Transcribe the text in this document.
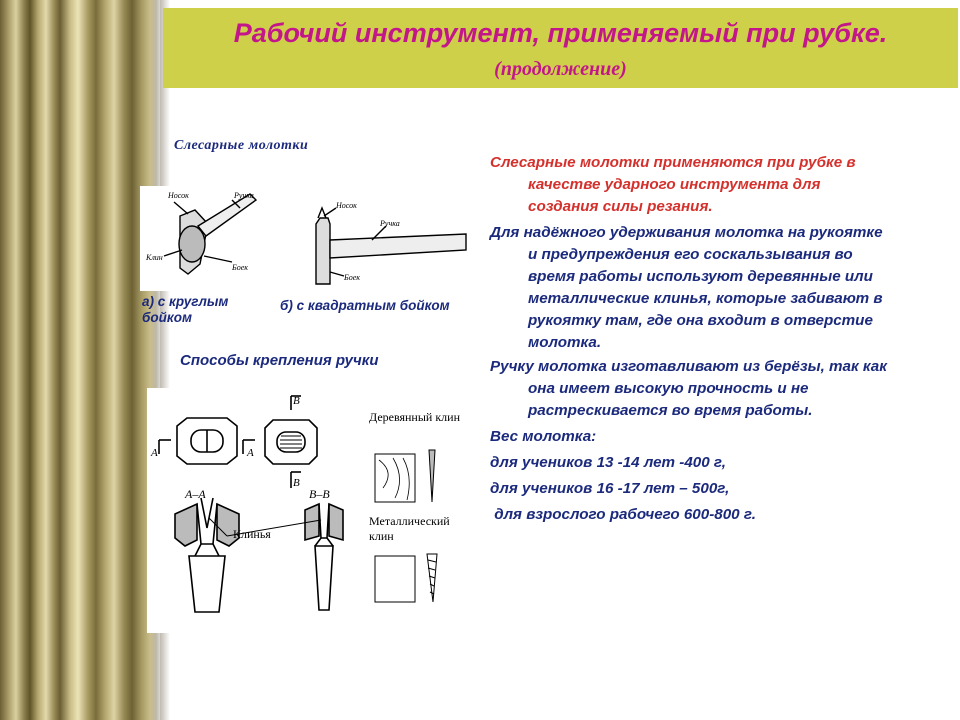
Рабочий инструмент, применяемый при рубке.
(продолжение)
Слесарные молотки
Носок	Ручка
Клин
Боек
Носок
Ручка
Боек
а) с круглым бойком
б) с квадратным бойком
Способы крепления ручки
А	А
В
В
А–А	В–В
Клинья
Деревянный клин
Металлический клин

Слесарные молотки применяются при рубке в качестве ударного инструмента для создания силы резания.

Для надёжного удерживания молотка на рукоятке и предупреждения его соскальзывания во время работы используют деревянные или металлические клинья, которые забивают в рукоятку там, где она входит в отверстие молотка.

Ручку молотка изготавливают из берёзы, так как она имеет высокую прочность и не растрескивается во время работы.

Вес молотка:

для учеников 13 -14 лет -400 г,

для учеников 16 -17 лет – 500г,

для взрослого рабочего 600-800 г.
